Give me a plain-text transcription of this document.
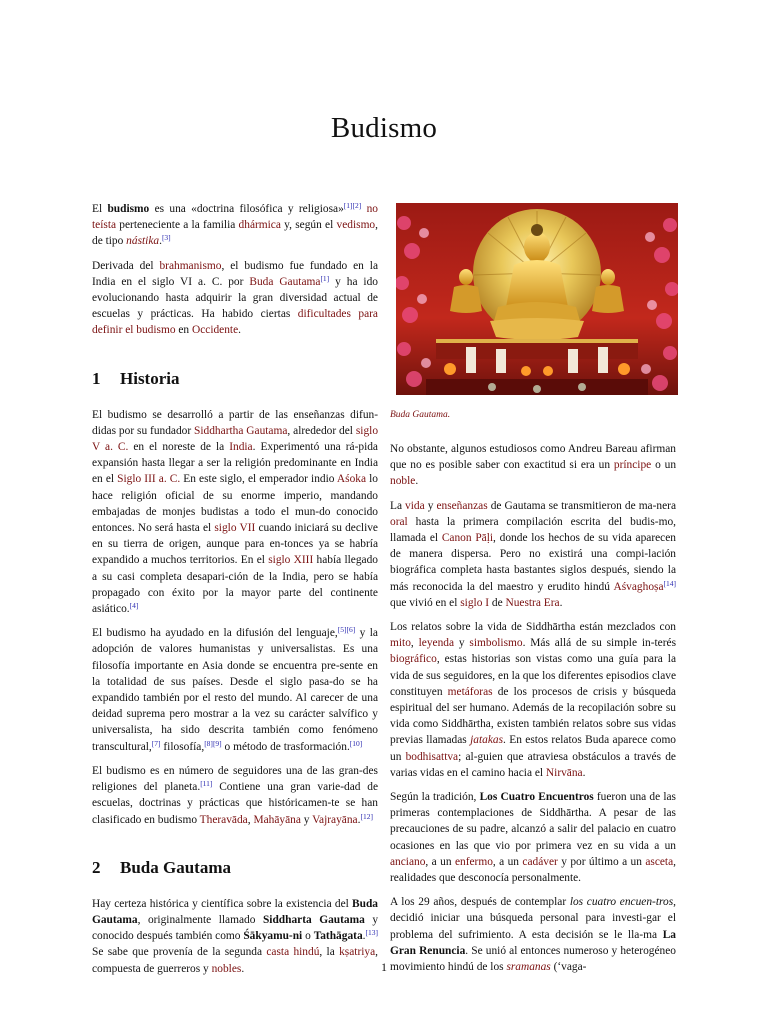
Budismo

El budismo es una «doctrina filosófica y religiosa»[1][2] no teísta perteneciente a la familia dhármica y, según el vedismo, de tipo nástika.[3]

Derivada del brahmanismo, el budismo fue fundado en la India en el siglo VI a. C. por Buda Gautama[1] y ha ido evolucionando hasta adquirir la gran diversidad actual de escuelas y prácticas. Ha habido ciertas dificultades para definir el budismo en Occidente.

1 Historia

El budismo se desarrolló a partir de las enseñanzas difun-didas por su fundador Siddhartha Gautama, alrededor del siglo V a. C. en el noreste de la India. Experimentó una rá-pida expansión hasta llegar a ser la religión predominante en India en el Siglo III a. C. En este siglo, el emperador indio Aśoka lo hace religión oficial de su enorme imperio, mandando embajadas de monjes budistas a todo el mun-do conocido entonces. No será hasta el siglo VII cuando iniciará su declive en su tierra de origen, aunque para en-tonces ya se habría expandido a muchos territorios. En el siglo XIII había llegado a su casi completa desapari-ción de la India, pero se había propagado con éxito por la mayor parte del continente asiático.[4]

El budismo ha ayudado en la difusión del lenguaje,[5][6] y la adopción de valores humanistas y universalistas. Es una filosofía importante en Asia donde se encuentra pre-sente en la totalidad de sus países. Desde el siglo pasa-do se ha expandido también por el resto del mundo. Al carecer de una deidad suprema pero mostrar a la vez su carácter salvífico y universalista, ha sido descrita también como fenómeno transcultural,[7] filosofía,[8][9] o método de trasformación.[10]

El budismo es en número de seguidores una de las gran-des religiones del planeta.[11] Contiene una gran varie-dad de escuelas, doctrinas y prácticas que históricamen-te se han clasificado en budismo Theravāda, Mahāyāna y Vajrayāna.[12]

2 Buda Gautama

Hay certeza histórica y científica sobre la existencia del Buda Gautama, originalmente llamado Siddharta Gautama y conocido después también como Śākyamu-ni o Tathāgata.[13] Se sabe que provenía de la segunda casta hindú, la kṣatriya, compuesta de guerreros y nobles.

Buda Gautama.

No obstante, algunos estudiosos como Andreu Bareau afirman que no es posible saber con exactitud si era un príncipe o un noble.

La vida y enseñanzas de Gautama se transmitieron de ma-nera oral hasta la primera compilación escrita del budis-mo, llamada el Canon Pāḷi, donde los hechos de su vida aparecen de manera dispersa. Pero no existirá una compi-lación biográfica completa hasta bastantes siglos después, siendo la más reconocida la del maestro y erudito hindú Aśvaghoṣa[14] que vivió en el siglo I de Nuestra Era.

Los relatos sobre la vida de Siddhārtha están mezclados con mito, leyenda y simbolismo. Más allá de su simple in-terés biográfico, estas historias son vistas como una guía para la vida de sus seguidores, en la que los diferentes episodios clave constituyen metáforas de los procesos de crisis y búsqueda espiritual del ser humano. Además de la recopilación sobre su vida como Siddhārtha, existen también relatos sobre sus vidas previas llamadas jatakas. En estos relatos Buda aparece como un bodhisattva; al-guien que atraviesa obstáculos a través de varias vidas en el camino hacia el Nirvāna.

Según la tradición, Los Cuatro Encuentros fueron una de las primeras contemplaciones de Siddhārtha. A pesar de las precauciones de su padre, alcanzó a salir del palacio en cuatro ocasiones en las que vio por primera vez en su vida a un anciano, a un enfermo, a un cadáver y por último a un asceta, realidades que desconocía personalmente.

A los 29 años, después de contemplar los cuatro encuen-tros, decidió iniciar una búsqueda personal para investi-gar el problema del sufrimiento. A esta decisión se le lla-ma La Gran Renuncia. Se unió al entonces numeroso y heterogéneo movimiento hindú de los sramanas (‘vaga-

1
